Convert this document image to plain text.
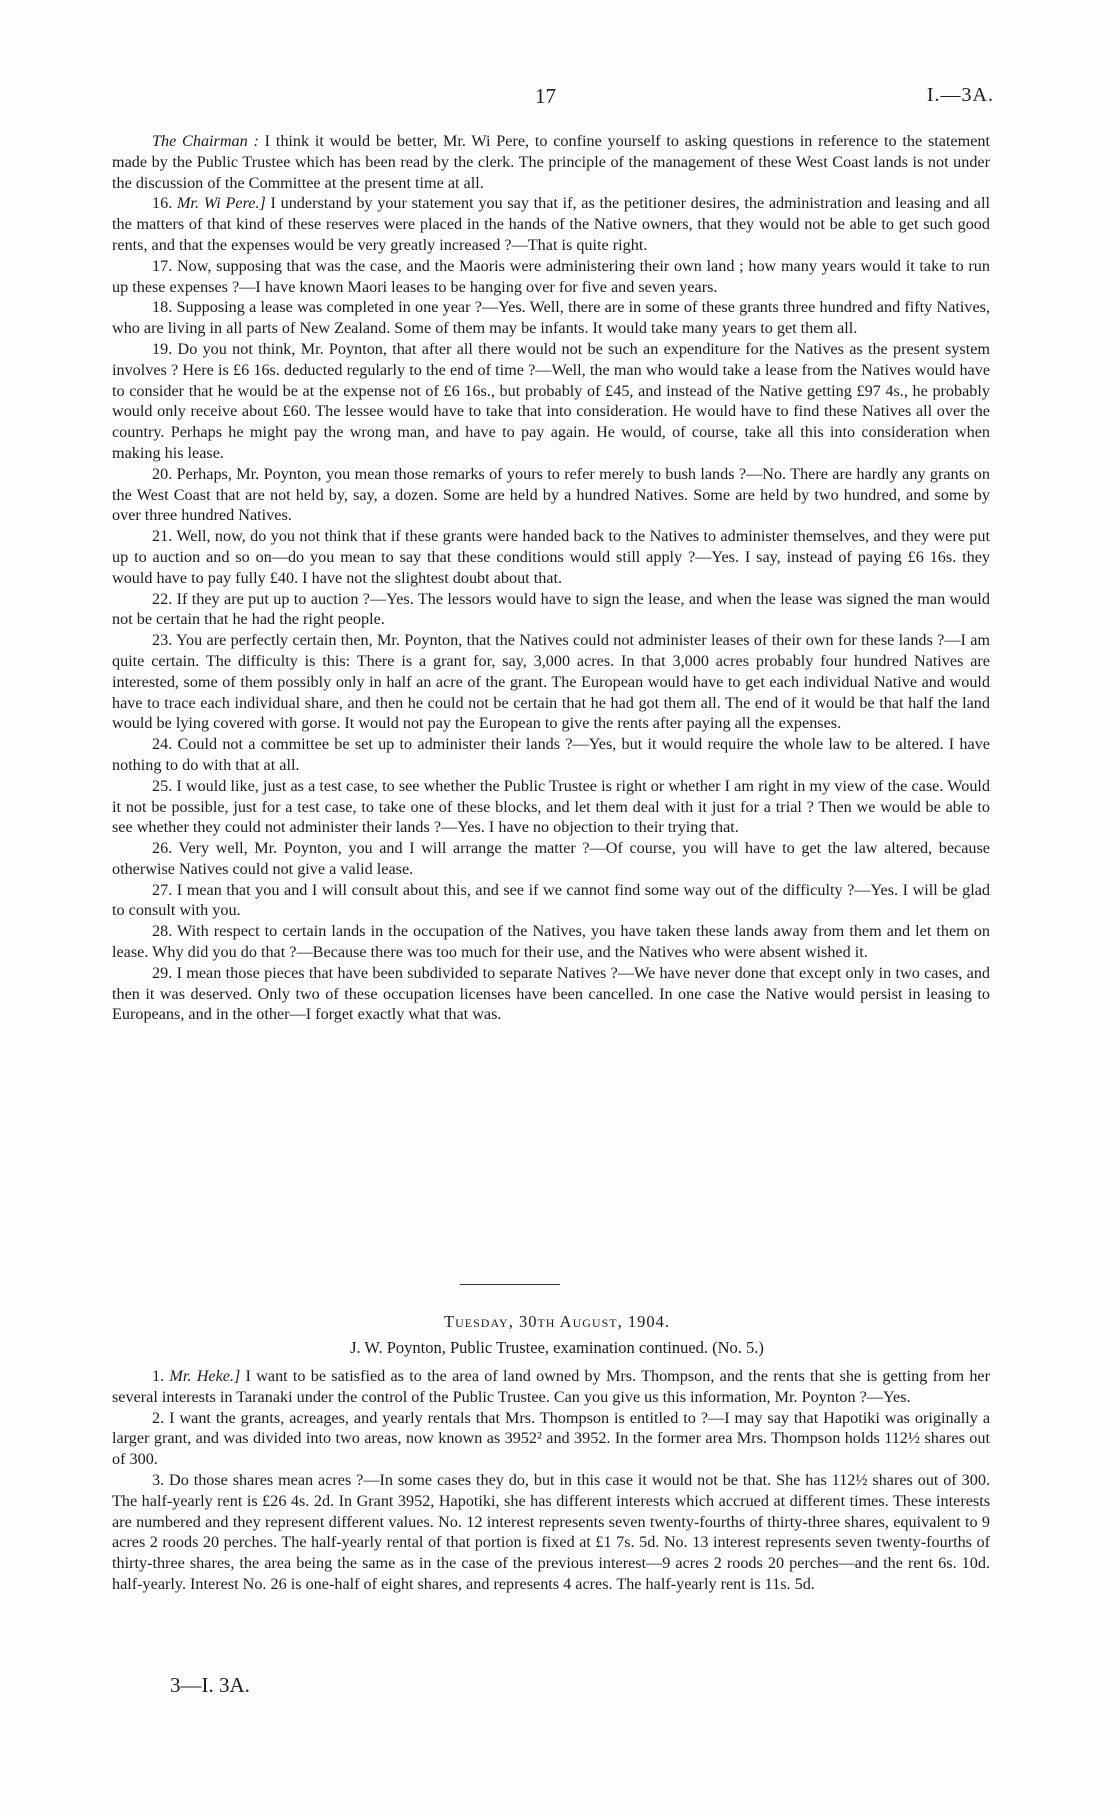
17	I.—3A.

The Chairman : I think it would be better, Mr. Wi Pere, to confine yourself to asking questions in reference to the statement made by the Public Trustee which has been read by the clerk. The principle of the management of these West Coast lands is not under the discussion of the Committee at the present time at all.

16. Mr. Wi Pere.] I understand by your statement you say that if, as the petitioner desires, the administration and leasing and all the matters of that kind of these reserves were placed in the hands of the Native owners, that they would not be able to get such good rents, and that the expenses would be very greatly increased ?—That is quite right.

17. Now, supposing that was the case, and the Maoris were administering their own land ; how many years would it take to run up these expenses ?—I have known Maori leases to be hanging over for five and seven years.

18. Supposing a lease was completed in one year ?—Yes. Well, there are in some of these grants three hundred and fifty Natives, who are living in all parts of New Zealand. Some of them may be infants. It would take many years to get them all.

19. Do you not think, Mr. Poynton, that after all there would not be such an expenditure for the Natives as the present system involves ? Here is £6 16s. deducted regularly to the end of time ?—Well, the man who would take a lease from the Natives would have to consider that he would be at the expense not of £6 16s., but probably of £45, and instead of the Native getting £97 4s., he probably would only receive about £60. The lessee would have to take that into consideration. He would have to find these Natives all over the country. Perhaps he might pay the wrong man, and have to pay again. He would, of course, take all this into consideration when making his lease.

20. Perhaps, Mr. Poynton, you mean those remarks of yours to refer merely to bush lands ?—No. There are hardly any grants on the West Coast that are not held by, say, a dozen. Some are held by a hundred Natives. Some are held by two hundred, and some by over three hundred Natives.

21. Well, now, do you not think that if these grants were handed back to the Natives to administer themselves, and they were put up to auction and so on—do you mean to say that these conditions would still apply ?—Yes. I say, instead of paying £6 16s. they would have to pay fully £40. I have not the slightest doubt about that.

22. If they are put up to auction ?—Yes. The lessors would have to sign the lease, and when the lease was signed the man would not be certain that he had the right people.

23. You are perfectly certain then, Mr. Poynton, that the Natives could not administer leases of their own for these lands ?—I am quite certain. The difficulty is this: There is a grant for, say, 3,000 acres. In that 3,000 acres probably four hundred Natives are interested, some of them possibly only in half an acre of the grant. The European would have to get each individual Native and would have to trace each individual share, and then he could not be certain that he had got them all. The end of it would be that half the land would be lying covered with gorse. It would not pay the European to give the rents after paying all the expenses.

24. Could not a committee be set up to administer their lands ?—Yes, but it would require the whole law to be altered. I have nothing to do with that at all.

25. I would like, just as a test case, to see whether the Public Trustee is right or whether I am right in my view of the case. Would it not be possible, just for a test case, to take one of these blocks, and let them deal with it just for a trial ? Then we would be able to see whether they could not administer their lands ?—Yes. I have no objection to their trying that.

26. Very well, Mr. Poynton, you and I will arrange the matter ?—Of course, you will have to get the law altered, because otherwise Natives could not give a valid lease.

27. I mean that you and I will consult about this, and see if we cannot find some way out of the difficulty ?—Yes. I will be glad to consult with you.

28. With respect to certain lands in the occupation of the Natives, you have taken these lands away from them and let them on lease. Why did you do that ?—Because there was too much for their use, and the Natives who were absent wished it.

29. I mean those pieces that have been subdivided to separate Natives ?—We have never done that except only in two cases, and then it was deserved. Only two of these occupation licenses have been cancelled. In one case the Native would persist in leasing to Europeans, and in the other—I forget exactly what that was.

Tuesday, 30th August, 1904.
J. W. Poynton, Public Trustee, examination continued. (No. 5.)

1. Mr. Heke.] I want to be satisfied as to the area of land owned by Mrs. Thompson, and the rents that she is getting from her several interests in Taranaki under the control of the Public Trustee. Can you give us this information, Mr. Poynton ?—Yes.

2. I want the grants, acreages, and yearly rentals that Mrs. Thompson is entitled to ?—I may say that Hapotiki was originally a larger grant, and was divided into two areas, now known as 3952² and 3952. In the former area Mrs. Thompson holds 112½ shares out of 300.

3. Do those shares mean acres ?—In some cases they do, but in this case it would not be that. She has 112½ shares out of 300. The half-yearly rent is £26 4s. 2d. In Grant 3952, Hapotiki, she has different interests which accrued at different times. These interests are numbered and they represent different values. No. 12 interest represents seven twenty-fourths of thirty-three shares, equivalent to 9 acres 2 roods 20 perches. The half-yearly rental of that portion is fixed at £1 7s. 5d. No. 13 interest represents seven twenty-fourths of thirty-three shares, the area being the same as in the case of the previous interest—9 acres 2 roods 20 perches—and the rent 6s. 10d. half-yearly. Interest No. 26 is one-half of eight shares, and represents 4 acres. The half-yearly rent is 11s. 5d.

3—I. 3A.
